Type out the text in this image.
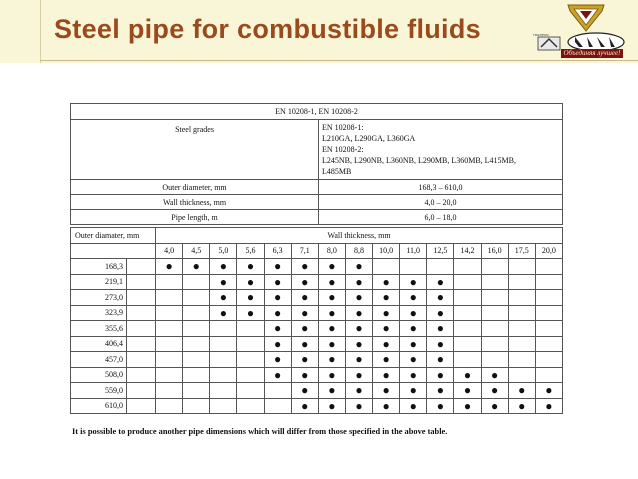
Steel pipe for combustible fluids	ТЯЖПРОМ
Объединяя лучшее!
EN 10208-1, EN 10208-2	
Steel grades	EN 10208-1:
L210GA, L290GA, L360GA
EN 10208-2:
L245NB, L290NB, L360NB, L290MB, L360MB, L415MB,
L485MB

Outer diameter, mm	168,3 – 610,0
Wall thickness, mm	4,0 – 20,0
Pipe length, m	6,0 – 18,0
Outer diamater, mm		Wall thickness, mm														
		4,0	4,5	5,0	5,6	6,3	7,1	8,0	8,8	10,0	11,0	12,5	14,2	16,0	17,5	20,0
168,3		●	●	●	●	●	●	●	●							
219,1				●	●	●	●	●	●	●	●	●				
273,0				●	●	●	●	●	●	●	●	●				
323,9				●	●	●	●	●	●	●	●	●				
355,6						●	●	●	●	●	●	●				
406,4						●	●	●	●	●	●	●				
457,0						●	●	●	●	●	●	●				
508,0						●	●	●	●	●	●	●	●	●		
559,0							●	●	●	●	●	●	●	●	●	●
610,0							●	●	●	●	●	●	●	●	●	●
It is possible to produce another pipe dimensions which will differ from those specified in the above table.
